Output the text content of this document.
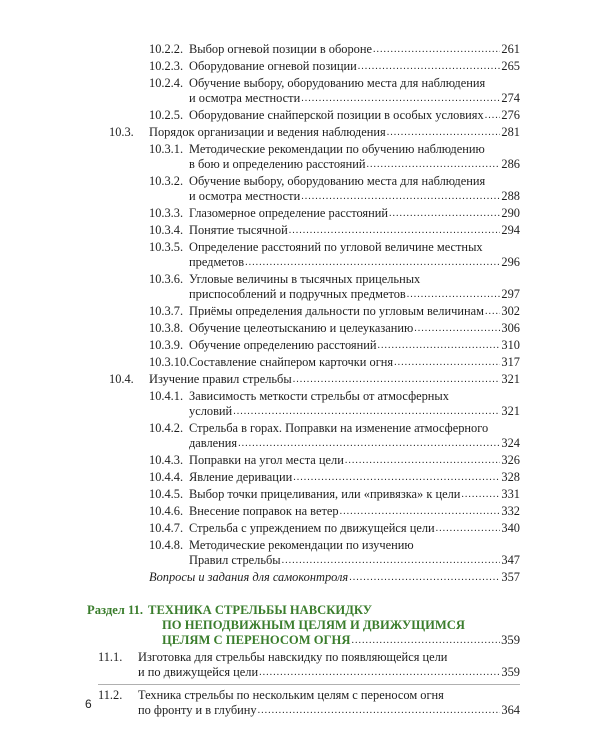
10.2.2. Выбор огневой позиции в обороне .....	261
10.2.3. Оборудование огневой позиции .....	265
10.2.4. Обучение выбору, оборудованию места для наблюдения
и осмотра местности .....	274
10.2.5. Оборудование снайперской позиции в особых условиях ..... 276
10.3.	Порядок организации и ведения наблюдения .....	281
10.3.1. Методические рекомендации по обучению наблюдению
в бою и определению расстояний .....	286
10.3.2. Обучение выбору, оборудованию места для наблюдения
и осмотра местности .....	288
10.3.3. Глазомерное определение расстояний .....	290
10.3.4. Понятие тысячной .....	294
10.3.5. Определение расстояний по угловой величине местных
предметов .....	296
10.3.6. Угловые величины в тысячных прицельных
приспособлений и подручных предметов .....	297
10.3.7. Приёмы определения дальности по угловым величинам ..... 302
10.3.8. Обучение целеотысканию и целеуказанию .....	306
10.3.9. Обучение определению расстояний .....	310
10.3.10. Составление снайпером карточки огня .....	317
10.4.	Изучение правил стрельбы .....	321
10.4.1. Зависимость меткости стрельбы от атмосферных
условий .....	321
10.4.2. Стрельба в горах. Поправки на изменение атмосферного
давления .....	324
10.4.3. Поправки на угол места цели .....	326
10.4.4. Явление деривации .....	328
10.4.5. Выбор точки прицеливания, или «привязка» к цели .....	331
10.4.6. Внесение поправок на ветер .....	332
10.4.7. Стрельба с упреждением по движущейся цели .....	340
10.4.8. Методические рекомендации по изучению
Правил стрельбы .....	347
Вопросы и задания для самоконтроля .....	357
Раздел 11. ТЕХНИКА СТРЕЛЬБЫ НАВСКИДКУ
ПО НЕПОДВИЖНЫМ ЦЕЛЯМ И ДВИЖУЩИМСЯ
ЦЕЛЯМ С ПЕРЕНОСОМ ОГНЯ .....	359
11.1.	Изготовка для стрельбы навскидку по появляющейся цели
и по движущейся цели .....	359
11.2.	Техника стрельбы по нескольким целям с переносом огня
по фронту и в глубину .....	364
6
